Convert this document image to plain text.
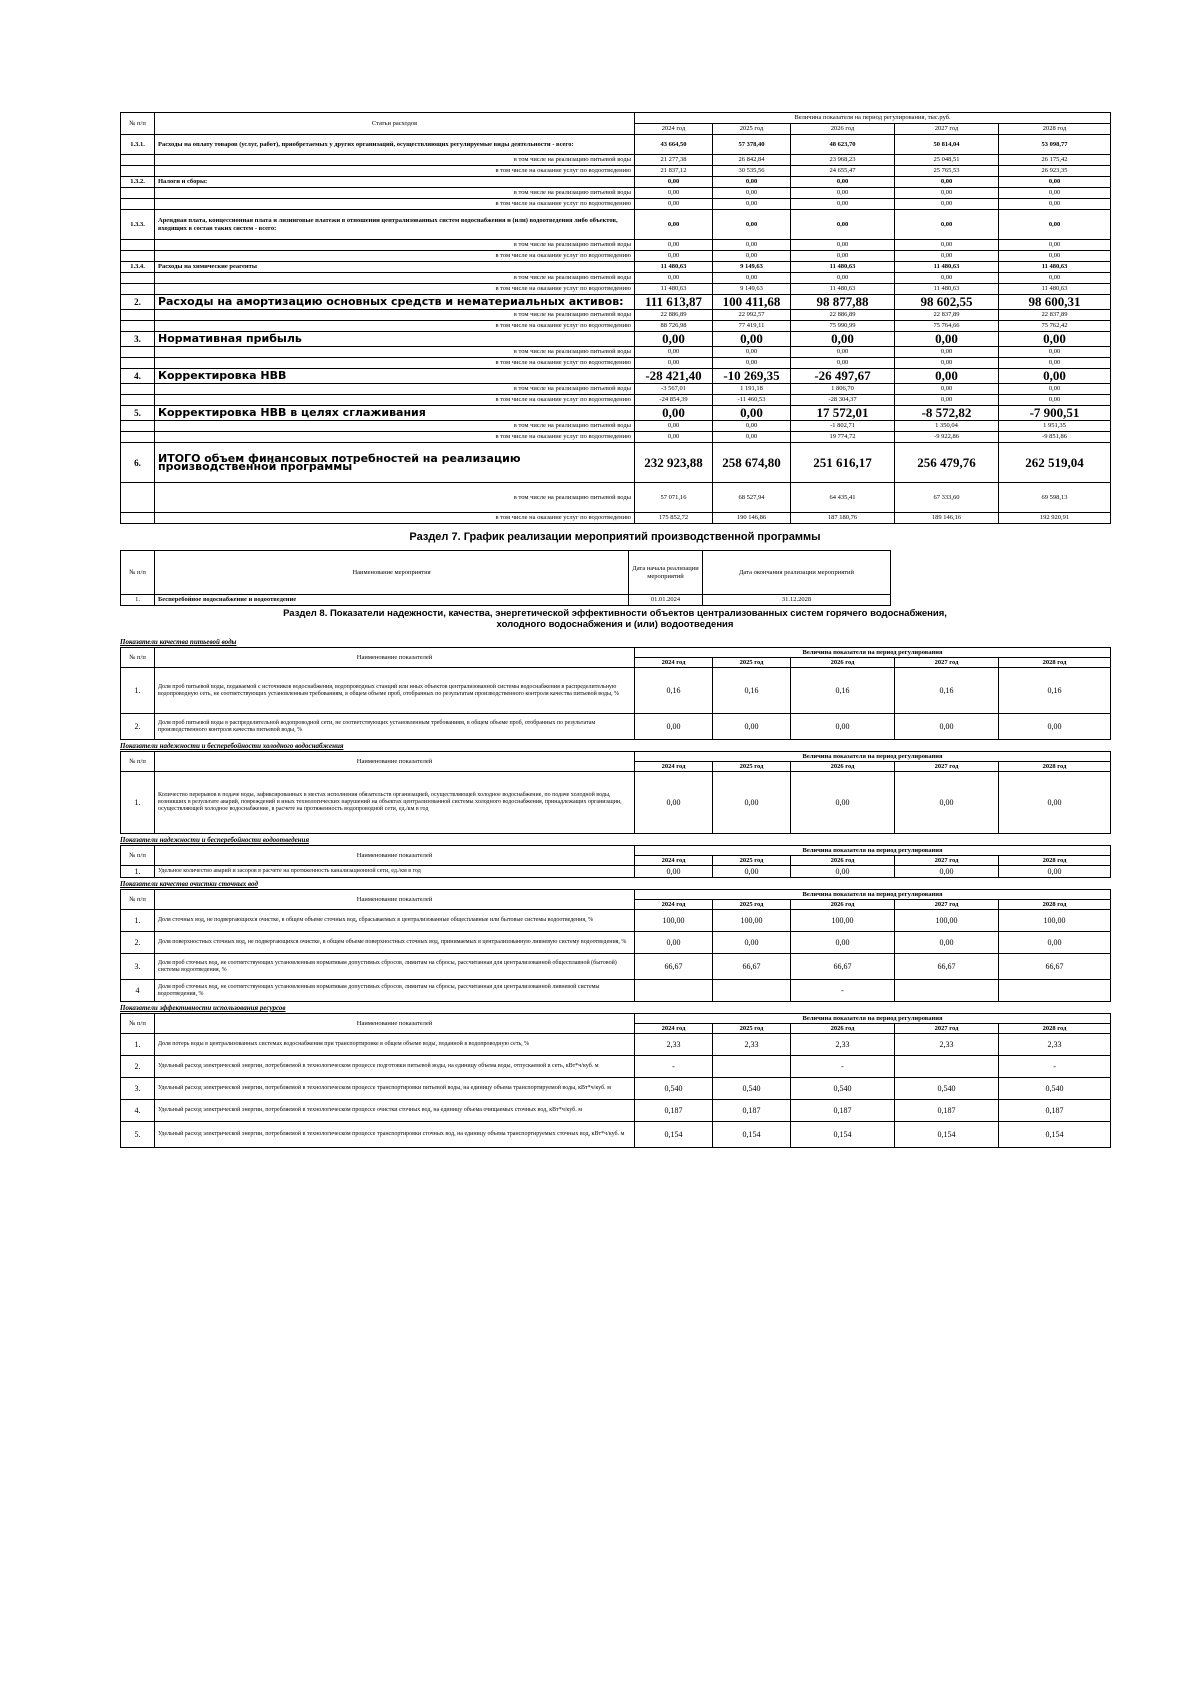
№ п/п	Статьи расходов	Величина показателя на период регулирования, тыс.руб.				
		2024 год	2025 год	2026 год	2027 год	2028 год
1.3.1.	Расходы на оплату товаров (услуг, работ), приобретаемых у других организаций, осуществляющих регулируемые виды деятельности - всего:	43 664,50	57 378,40	48 623,70	50 814,04	53 098,77
	в том числе на реализацию питьевой воды	21 277,38	26 842,84	23 968,23	25 048,51	26 175,42
	в том числе на оказание услуг по водоотведению	21 837,12	30 535,56	24 655,47	25 765,53	26 923,35
1.3.2.	Налоги и сборы:	0,00	0,00	0,00	0,00	0,00
	в том числе на реализацию питьевой воды	0,00	0,00	0,00	0,00	0,00
	в том числе на оказание услуг по водоотведению	0,00	0,00	0,00	0,00	0,00
1.3.3.	Арендная плата, концессионная плата и лизинговые платежи в отношении централизованных систем водоснабжения и (или) водоотведения либо объектов, входящих в состав таких систем - всего:	0,00	0,00	0,00	0,00	0,00
	в том числе на реализацию питьевой воды	0,00	0,00	0,00	0,00	0,00
	в том числе на оказание услуг по водоотведению	0,00	0,00	0,00	0,00	0,00
1.3.4.	Расходы на химические реагенты	11 480,63	9 149,63	11 480,63	11 480,63	11 480,63
	в том числе на реализацию питьевой воды	0,00	0,00	0,00	0,00	0,00
	в том числе на оказание услуг по водоотведению	11 480,63	9 149,63	11 480,63	11 480,63	11 480,63
2.	Расходы на амортизацию основных средств и нематериальных активов:	111 613,87	100 411,68	98 877,88	98 602,55	98 600,31
	в том числе на реализацию питьевой воды	22 886,89	22 992,57	22 886,89	22 837,89	22 837,89
	в том числе на оказание услуг по водоотведению	88 726,98	77 419,11	75 990,99	75 764,66	75 762,42
3.	Нормативная прибыль	0,00	0,00	0,00	0,00	0,00
	в том числе на реализацию питьевой воды	0,00	0,00	0,00	0,00	0,00
	в том числе на оказание услуг по водоотведению	0,00	0,00	0,00	0,00	0,00
4.	Корректировка НВВ	-28 421,40	-10 269,35	-26 497,67	0,00	0,00
	в том числе на реализацию питьевой воды	-3 567,01	1 191,18	1 806,70	0,00	0,00
	в том числе на оказание услуг по водоотведению	-24 854,39	-11 460,53	-28 304,37	0,00	0,00
5.	Корректировка НВВ в целях сглаживания	0,00	0,00	17 572,01	-8 572,82	-7 900,51
	в том числе на реализацию питьевой воды	0,00	0,00	-1 802,71	1 350,04	1 951,35
	в том числе на оказание услуг по водоотведению	0,00	0,00	19 774,72	-9 922,86	-9 851,86
6.	ИТОГО объем финансовых потребностей на реализацию производственной программы	232 923,88	258 674,80	251 616,17	256 479,76	262 519,04
	в том числе на реализацию питьевой воды	57 071,16	68 527,94	64 435,41	67 333,60	69 598,13
	в том числе на оказание услуг по водоотведению	175 852,72	190 146,86	187 180,76	189 146,16	192 920,91
Раздел 7. График реализации мероприятий производственной программы
№ п/п	Наименование мероприятия	Дата начала реализации мероприятий	Дата окончания реализации мероприятий
1.	Бесперебойное водоснабжение и водоотведение	01.01.2024	31.12.2028
Раздел 8. Показатели надежности, качества, энергетической эффективности объектов централизованных систем горячего водоснабжения,
холодного водоснабжения и (или) водоотведения
Показатели качества питьевой воды
№ п/п	Наименование показателей	Величина показателя на период регулирования				
		2024 год	2025 год	2026 год	2027 год	2028 год
1.	Доля проб питьевой воды, подаваемой с источников водоснабжения, водопроводных станций или иных объектов централизованной системы водоснабжения в распределительную водопроводную сеть, не соответствующих установленным требованиям, в общем объеме проб, отобранных по результатам производственного контроля качества питьевой воды, %	0,16	0,16	0,16	0,16	0,16
2.	Доля проб питьевой воды в распределительной водопроводной сети, не соответствующих установленным требованиям, в общем объеме проб, отобранных по результатам производственного контроля качества питьевой воды, %	0,00	0,00	0,00	0,00	0,00
Показатели надежности и бесперебойности холодного водоснабжения
№ п/п	Наименование показателей	Величина показателя на период регулирования				
		2024 год	2025 год	2026 год	2027 год	2028 год
1.	Количество перерывов в подаче воды, зафиксированных в местах исполнения обязательств организацией, осуществляющей холодное водоснабжение, по подаче холодной воды, возникших в результате аварий, повреждений и иных технологических нарушений на объектах централизованной системы холодного водоснабжения, принадлежащих организации, осуществляющей холодное водоснабжение, в расчете на протяженность водопроводной сети, ед./км в год	0,00	0,00	0,00	0,00	0,00
Показатели надежности и бесперебойности водоотведения
№ п/п	Наименование показателей	Величина показателя на период регулирования				
		2024 год	2025 год	2026 год	2027 год	2028 год
1.	Удельное количество аварий и засоров в расчете на протяженность канализационной сети, ед./км в год	0,00	0,00	0,00	0,00	0,00
Показатели качества очистки сточных вод
№ п/п	Наименование показателей	Величина показателя на период регулирования				
		2024 год	2025 год	2026 год	2027 год	2028 год
1.	Доля сточных вод, не подвергающихся очистке, в общем объеме сточных вод, сбрасываемых в централизованные общесплавные или бытовые системы водоотведения, %	100,00	100,00	100,00	100,00	100,00
2.	Доля поверхностных сточных вод, не подвергающихся очистке, в общем объеме поверхностных сточных вод, принимаемых в централизованную ливневую систему водоотведения, %	0,00	0,00	0,00	0,00	0,00
3.	Доля проб сточных вод, не соответствующих установленным нормативам допустимых сбросов, лимитам на сбросы, рассчитанная для централизованной общесплавной (бытовой) системы водоотведения, %	66,67	66,67	66,67	66,67	66,67
4	Доля проб сточных вод, не соответствующих установленным нормативам допустимых сбросов, лимитам на сбросы, рассчитанная для централизованной ливневой системы водоотведения, %			-		
Показатели эффективности использования ресурсов
№ п/п	Наименование показателей	Величина показателя на период регулирования				
		2024 год	2025 год	2026 год	2027 год	2028 год
1.	Доля потерь воды в централизованных системах водоснабжения при транспортировке в общем объеме воды, поданной в водопроводную сеть, %	2,33	2,33	2,33	2,33	2,33
2.	Удельный расход электрической энергии, потребляемой в технологическом процессе подготовки питьевой воды, на единицу объема воды, отпускаемой в сеть, кВт*ч/куб. м	-		-		-
3.	Удельный расход электрической энергии, потребляемой в технологическом процессе транспортировки питьевой воды, на единицу объема транспортируемой воды, кВт*ч/куб. м	0,540	0,540	0,540	0,540	0,540
4.	Удельный расход электрической энергии, потребляемой в технологическом процессе очистки сточных вод, на единицу объема очищаемых сточных вод, кВт*ч/куб. м	0,187	0,187	0,187	0,187	0,187
5.	Удельный расход электрической энергии, потребляемой в технологическом процессе транспортировки сточных вод, на единицу объема транспортируемых сточных вод, кВт*ч/куб. м	0,154	0,154	0,154	0,154	0,154
